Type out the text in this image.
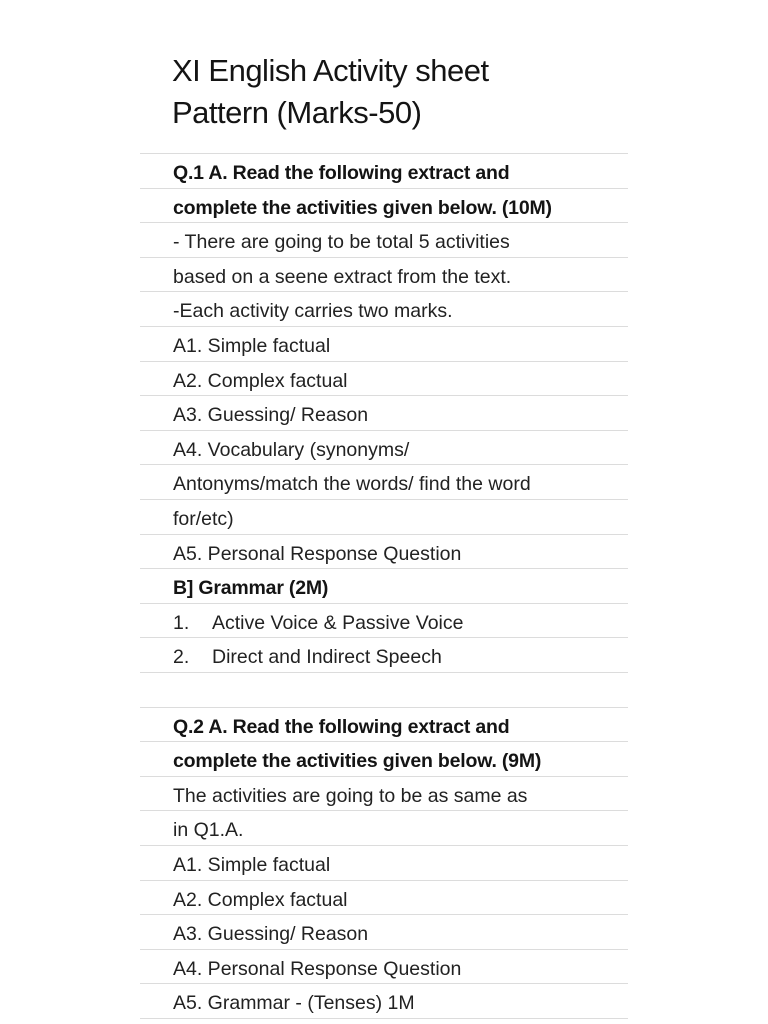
XI English Activity sheet
Pattern (Marks-50)
Q.1 A. Read the following extract and
complete the activities given below. (10M)
- There are going to be total 5 activities
based on a seene extract from the text.
-Each activity carries two marks.
A1. Simple factual
A2. Complex factual
A3. Guessing/ Reason
A4. Vocabulary (synonyms/
Antonyms/match the words/ find the word
for/etc)
A5. Personal Response Question
B] Grammar (2M)
1. Active Voice & Passive Voice
2. Direct and Indirect Speech
Q.2 A. Read the following extract and
complete the activities given below. (9M)
The activities are going to be as same as
in Q1.A.
A1. Simple factual
A2. Complex factual
A3. Guessing/ Reason
A4. Personal Response Question
A5. Grammar - (Tenses) 1M
